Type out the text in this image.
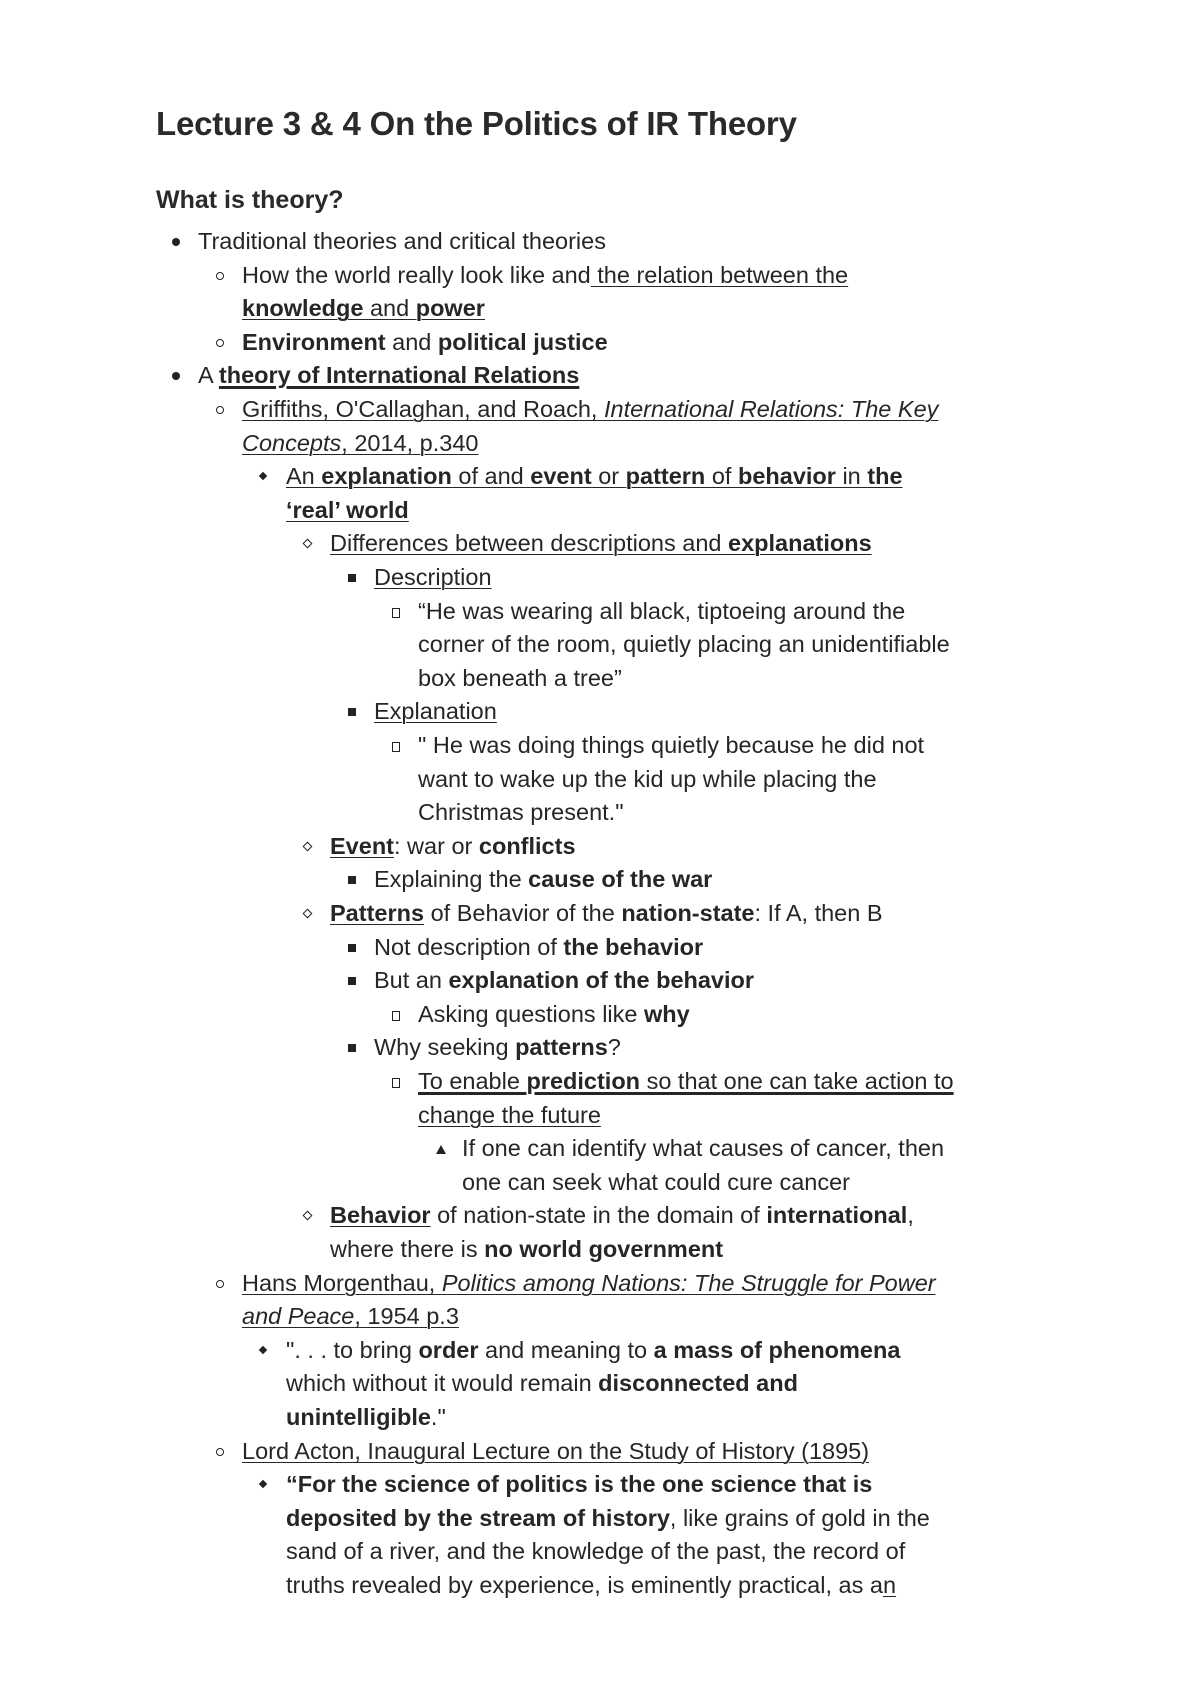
Lecture 3 & 4 On the Politics of IR Theory
What is theory?
Traditional theories and critical theories
How the world really look like and the relation between the
knowledge and power
Environment and political justice
A theory of International Relations
Griffiths, O'Callaghan, and Roach, International Relations: The Key
Concepts, 2014, p.340
An explanation of and event or pattern of behavior in the
‘real’ world
Differences between descriptions and explanations
Description
“He was wearing all black, tiptoeing around the
corner of the room, quietly placing an unidentifiable
box beneath a tree”
Explanation
" He was doing things quietly because he did not
want to wake up the kid up while placing the
Christmas present."
Event: war or conflicts
Explaining the cause of the war
Patterns of Behavior of the nation-state: If A, then B
Not description of the behavior
But an explanation of the behavior
Asking questions like why
Why seeking patterns?
To enable prediction so that one can take action to
change the future
If one can identify what causes of cancer, then
one can seek what could cure cancer
Behavior of nation-state in the domain of international,
where there is no world government
Hans Morgenthau, Politics among Nations: The Struggle for Power
and Peace, 1954 p.3
". . . to bring order and meaning to a mass of phenomena
which without it would remain disconnected and
unintelligible."
Lord Acton, Inaugural Lecture on the Study of History (1895)
“For the science of politics is the one science that is
deposited by the stream of history, like grains of gold in the
sand of a river, and the knowledge of the past, the record of
truths revealed by experience, is eminently practical, as an
